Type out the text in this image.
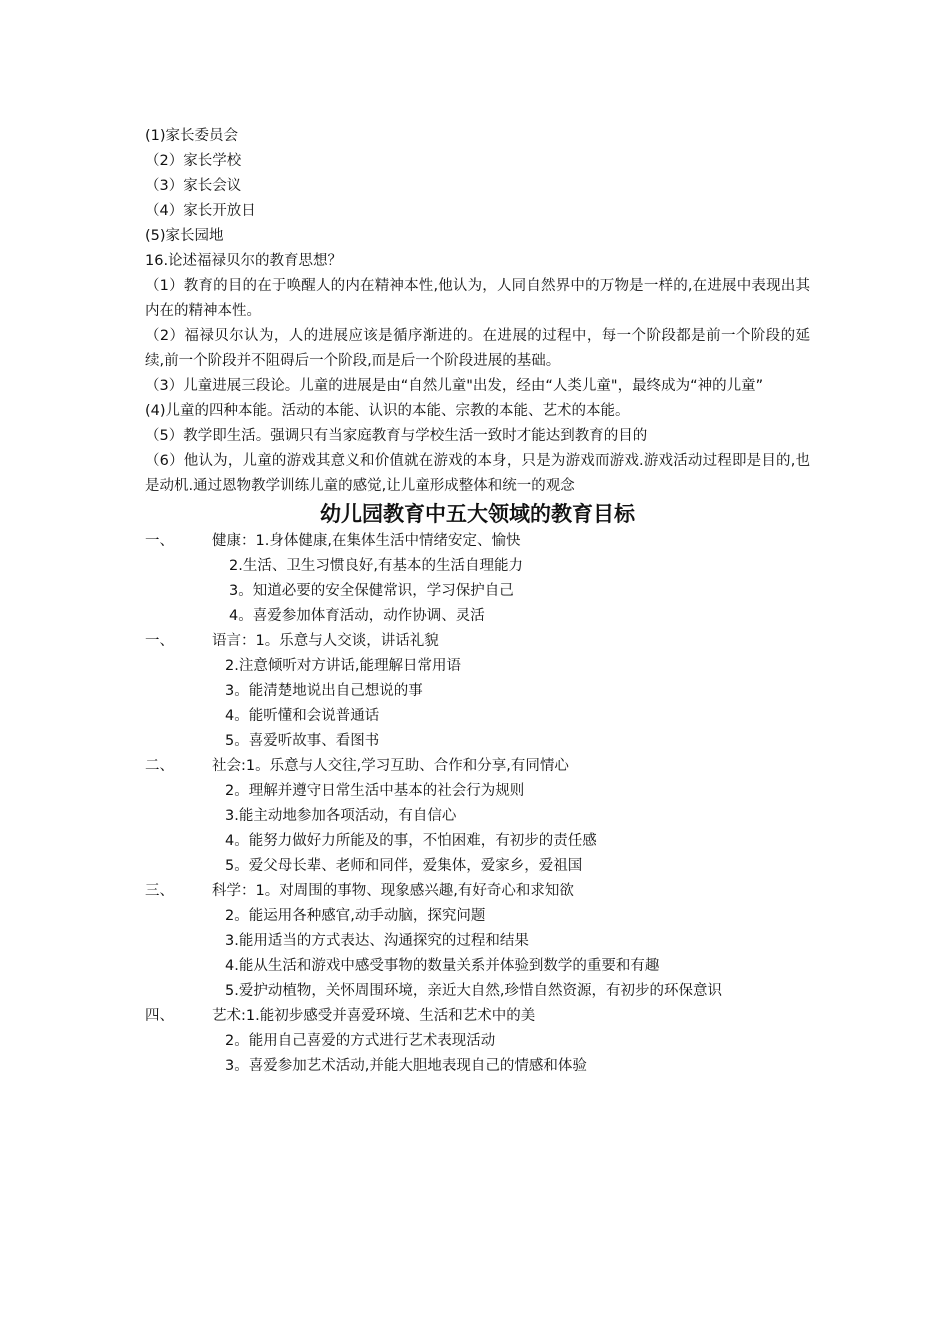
(1)家长委员会
（2）家长学校
（3）家长会议
（4）家长开放日
(5)家长园地
16.论述福禄贝尔的教育思想？
（1）教育的目的在于唤醒人的内在精神本性,他认为，人同自然界中的万物是一样的,在进展中表现出其内在的精神本性。
（2）福禄贝尔认为，人的进展应该是循序渐进的。在进展的过程中，每一个阶段都是前一个阶段的延续,前一个阶段并不阻碍后一个阶段,而是后一个阶段进展的基础。
（3）儿童进展三段论。儿童的进展是由“自然儿童"出发，经由“人类儿童"，最终成为“神的儿童”
(4)儿童的四种本能。活动的本能、认识的本能、宗教的本能、艺术的本能。
（5）教学即生活。强调只有当家庭教育与学校生活一致时才能达到教育的目的
（6）他认为，儿童的游戏其意义和价值就在游戏的本身，只是为游戏而游戏.游戏活动过程即是目的,也是动机.通过恩物教学训练儿童的感觉,让儿童形成整体和统一的观念
幼儿园教育中五大领域的教育目标
一、	健康：1.身体健康,在集体生活中情绪安定、愉快
2.生活、卫生习惯良好,有基本的生活自理能力
3。知道必要的安全保健常识，学习保护自己
4。喜爱参加体育活动，动作协调、灵活
一、	语言：1。乐意与人交谈，讲话礼貌
2.注意倾听对方讲话,能理解日常用语
3。能清楚地说出自己想说的事
4。能听懂和会说普通话
5。喜爱听故事、看图书
二、	社会:1。乐意与人交往,学习互助、合作和分享,有同情心
2。理解并遵守日常生活中基本的社会行为规则
3.能主动地参加各项活动，有自信心
4。能努力做好力所能及的事，不怕困难，有初步的责任感
5。爱父母长辈、老师和同伴，爱集体，爱家乡，爱祖国
三、	科学：1。对周围的事物、现象感兴趣,有好奇心和求知欲
2。能运用各种感官,动手动脑，探究问题
3.能用适当的方式表达、沟通探究的过程和结果
4.能从生活和游戏中感受事物的数量关系并体验到数学的重要和有趣
5.爱护动植物，关怀周围环境，亲近大自然,珍惜自然资源，有初步的环保意识
四、	艺术:1.能初步感受并喜爱环境、生活和艺术中的美
2。能用自己喜爱的方式进行艺术表现活动
3。喜爱参加艺术活动,并能大胆地表现自己的情感和体验
